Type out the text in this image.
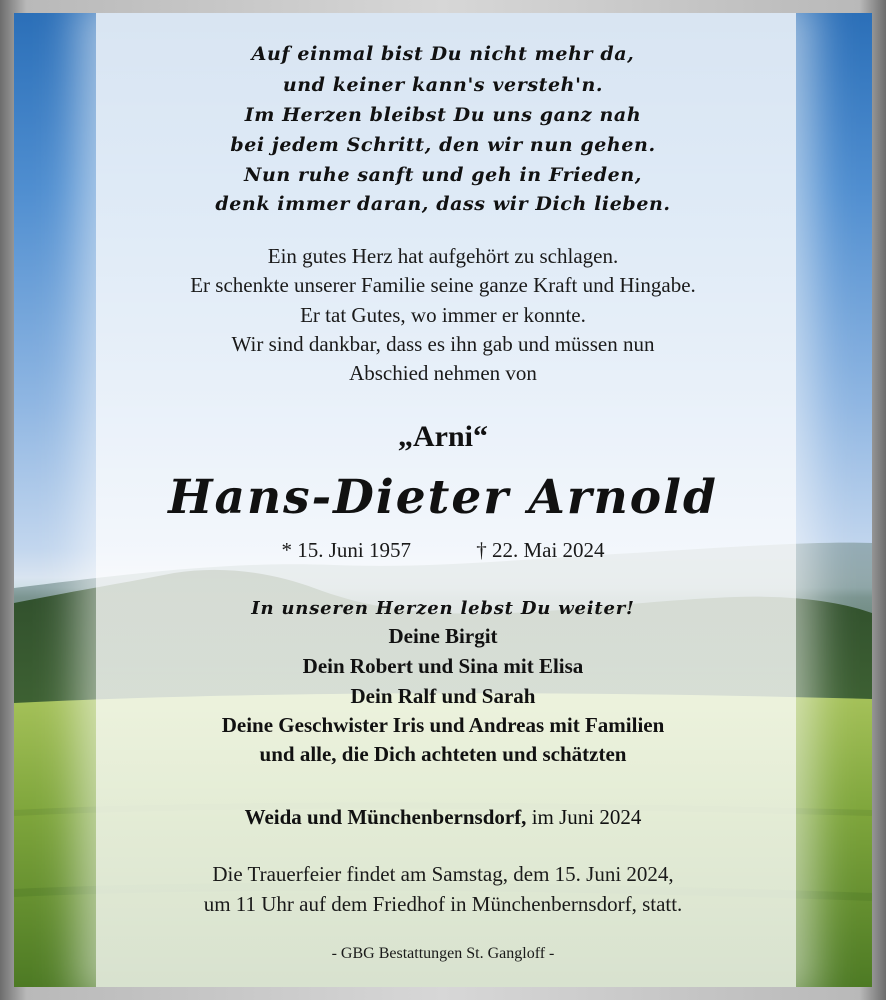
Auf einmal bist Du nicht mehr da,
und keiner kann's versteh'n.
Im Herzen bleibst Du uns ganz nah
bei jedem Schritt, den wir nun gehen.
Nun ruhe sanft und geh in Frieden,
denk immer daran, dass wir Dich lieben.
Ein gutes Herz hat aufgehört zu schlagen.
Er schenkte unserer Familie seine ganze Kraft und Hingabe.
Er tat Gutes, wo immer er konnte.
Wir sind dankbar, dass es ihn gab und müssen nun
Abschied nehmen von
„Arni“
Hans-Dieter Arnold
* 15. Juni 1957	† 22. Mai 2024
In unseren Herzen lebst Du weiter!
Deine Birgit
Dein Robert und Sina mit Elisa
Dein Ralf und Sarah
Deine Geschwister Iris und Andreas mit Familien
und alle, die Dich achteten und schätzten
Weida und Münchenbernsdorf, im Juni 2024
Die Trauerfeier findet am Samstag, dem 15. Juni 2024,
um 11 Uhr auf dem Friedhof in Münchenbernsdorf, statt.
- GBG Bestattungen St. Gangloff -
